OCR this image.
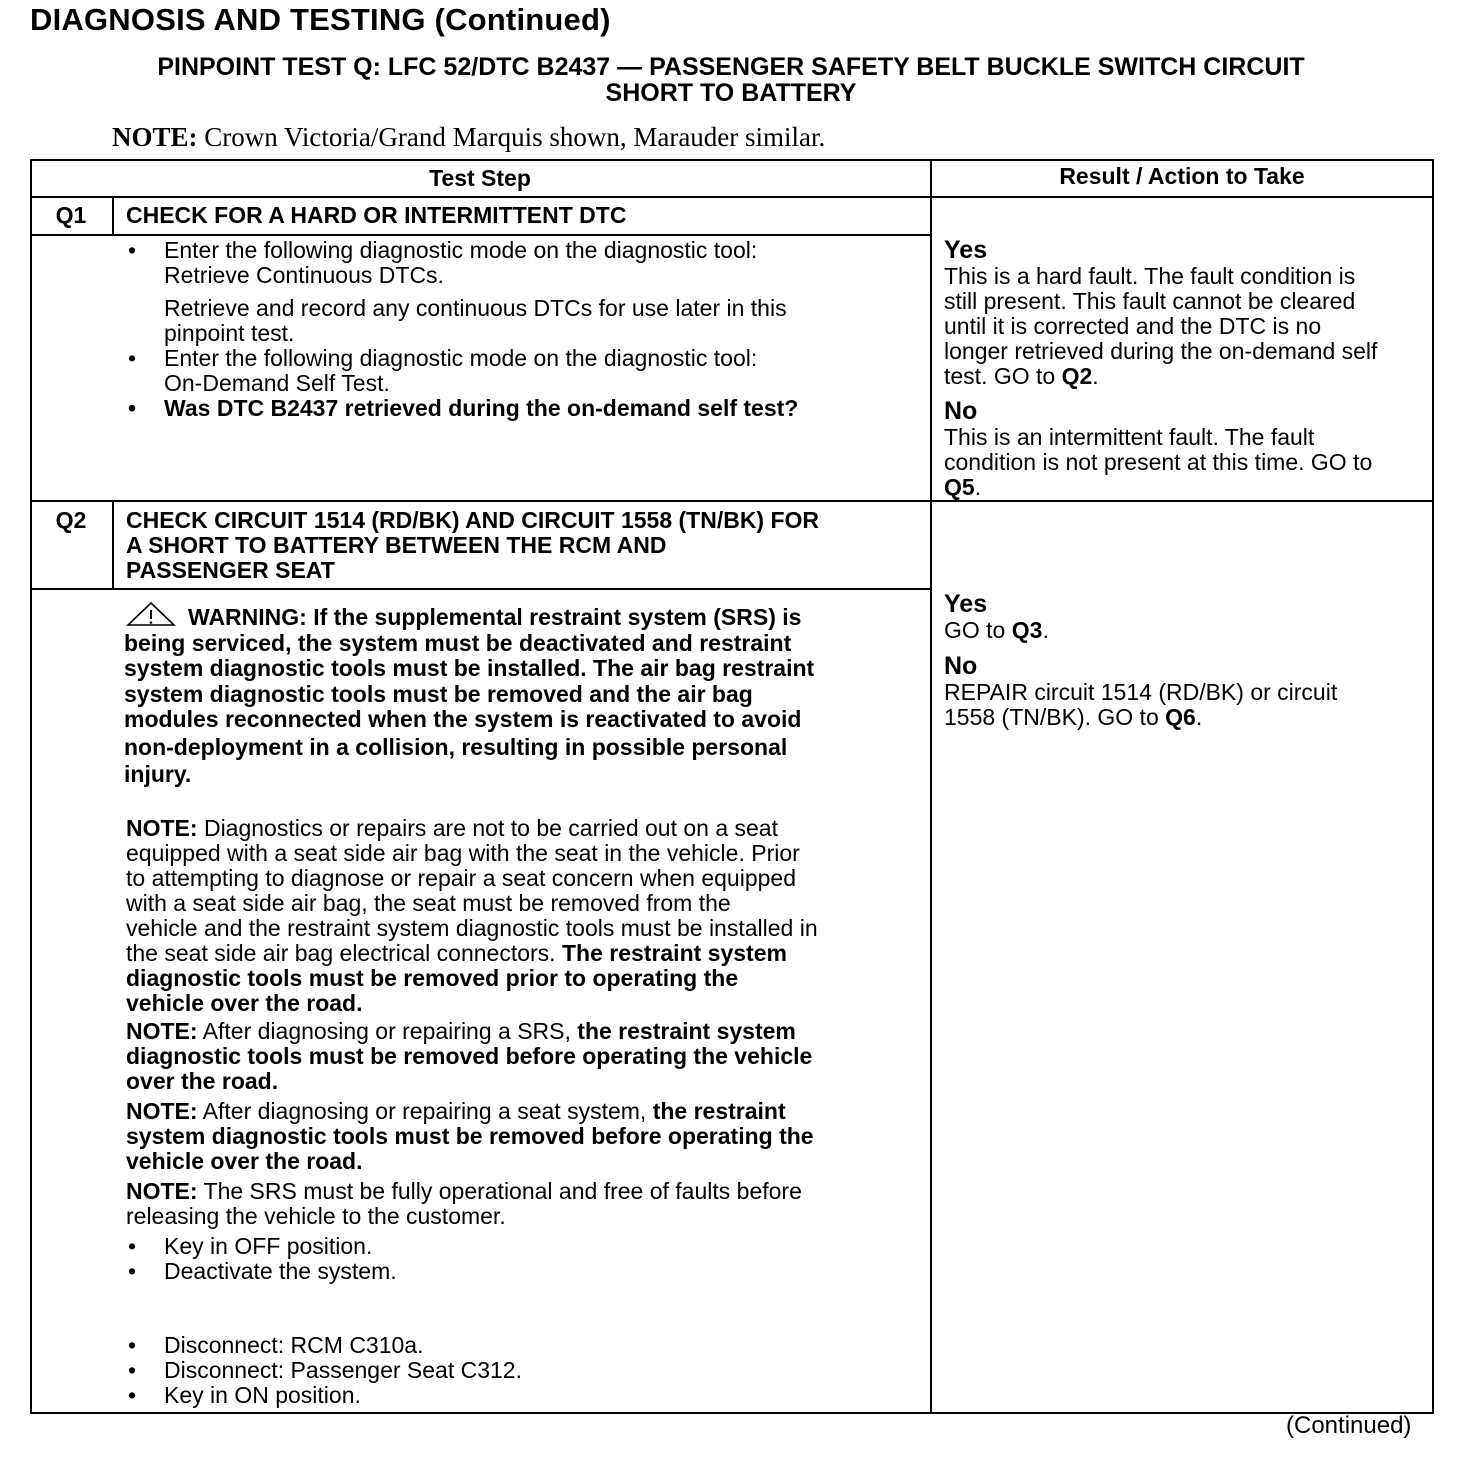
DIAGNOSIS AND TESTING (Continued)
PINPOINT TEST Q: LFC 52/DTC B2437 — PASSENGER SAFETY BELT BUCKLE SWITCH CIRCUIT
SHORT TO BATTERY
NOTE: Crown Victoria/Grand Marquis shown, Marauder similar.
Test Step	Result / Action to Take
Q1	CHECK FOR A HARD OR INTERMITTENT DTC
• Enter the following diagnostic mode on the diagnostic tool:
Retrieve Continuous DTCs.
Retrieve and record any continuous DTCs for use later in this
pinpoint test.
• Enter the following diagnostic mode on the diagnostic tool:
On-Demand Self Test.
• Was DTC B2437 retrieved during the on-demand self test?
Yes
This is a hard fault. The fault condition is
still present. This fault cannot be cleared
until it is corrected and the DTC is no
longer retrieved during the on-demand self
test. GO to Q2.
No
This is an intermittent fault. The fault
condition is not present at this time. GO to
Q5.
Q2	CHECK CIRCUIT 1514 (RD/BK) AND CIRCUIT 1558 (TN/BK) FOR
A SHORT TO BATTERY BETWEEN THE RCM AND
PASSENGER SEAT
WARNING: If the supplemental restraint system (SRS) is
being serviced, the system must be deactivated and restraint
system diagnostic tools must be installed. The air bag restraint
system diagnostic tools must be removed and the air bag
modules reconnected when the system is reactivated to avoid
non-deployment in a collision, resulting in possible personal
injury.
NOTE: Diagnostics or repairs are not to be carried out on a seat
equipped with a seat side air bag with the seat in the vehicle. Prior
to attempting to diagnose or repair a seat concern when equipped
with a seat side air bag, the seat must be removed from the
vehicle and the restraint system diagnostic tools must be installed in
the seat side air bag electrical connectors. The restraint system
diagnostic tools must be removed prior to operating the
vehicle over the road.
NOTE: After diagnosing or repairing a SRS, the restraint system
diagnostic tools must be removed before operating the vehicle
over the road.
NOTE: After diagnosing or repairing a seat system, the restraint
system diagnostic tools must be removed before operating the
vehicle over the road.
NOTE: The SRS must be fully operational and free of faults before
releasing the vehicle to the customer.
• Key in OFF position.
• Deactivate the system.
• Disconnect: RCM C310a.
• Disconnect: Passenger Seat C312.
• Key in ON position.
Yes
GO to Q3.
No
REPAIR circuit 1514 (RD/BK) or circuit
1558 (TN/BK). GO to Q6.
(Continued)
